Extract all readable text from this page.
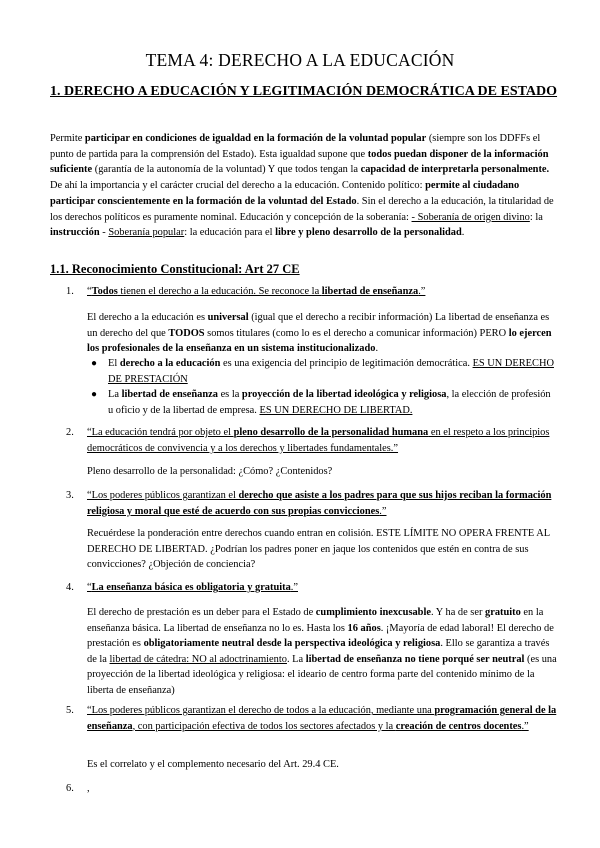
TEMA 4: DERECHO A LA EDUCACIÓN
1. DERECHO A EDUCACIÓN Y LEGITIMACIÓN DEMOCRÁTICA DE ESTADO
Permite participar en condiciones de igualdad en la formación de la voluntad popular (siempre son los DDFFs el punto de partida para la comprensión del Estado). Esta igualdad supone que todos puedan disponer de la información suficiente (garantía de la autonomía de la voluntad) Y que todos tengan la capacidad de interpretarla personalmente. De ahí la importancia y el carácter crucial del derecho a la educación. Contenido político: permite al ciudadano participar conscientemente en la formación de la voluntad del Estado. Sin el derecho a la educación, la titularidad de los derechos políticos es puramente nominal. Educación y concepción de la soberanía: - Soberanía de origen divino: la instrucción - Soberanía popular: la educación para el libre y pleno desarrollo de la personalidad.
1.1. Reconocimiento Constitucional: Art 27 CE
1. “Todos tienen el derecho a la educación. Se reconoce la libertad de enseñanza.”
El derecho a la educación es universal (igual que el derecho a recibir información) La libertad de enseñanza es un derecho del que TODOS somos titulares (como lo es el derecho a comunicar información) PERO lo ejercen los profesionales de la enseñanza en un sistema institucionalizado.
● El derecho a la educación es una exigencia del principio de legitimación democrática. ES UN DERECHO DE PRESTACIÓN
● La libertad de enseñanza es la proyección de la libertad ideológica y religiosa, la elección de profesión u oficio y de la libertad de empresa. ES UN DERECHO DE LIBERTAD.
2. “La educación tendrá por objeto el pleno desarrollo de la personalidad humana en el respeto a los principios democráticos de convivencia y a los derechos y libertades fundamentales.”
Pleno desarrollo de la personalidad: ¿Cómo? ¿Contenidos?
3. “Los poderes públicos garantizan el derecho que asiste a los padres para que sus hijos reciban la formación religiosa y moral que esté de acuerdo con sus propias convicciones.”
Recuérdese la ponderación entre derechos cuando entran en colisión. ESTE LÍMITE NO OPERA FRENTE AL DERECHO DE LIBERTAD. ¿Podrían los padres poner en jaque los contenidos que estén en contra de sus convicciones? ¿Objeción de conciencia?
4. “La enseñanza básica es obligatoria y gratuita.”
El derecho de prestación es un deber para el Estado de cumplimiento inexcusable. Y ha de ser gratuito en la enseñanza básica. La libertad de enseñanza no lo es. Hasta los 16 años. ¡Mayoría de edad laboral! El derecho de prestación es obligatoriamente neutral desde la perspectiva ideológica y religiosa. Ello se garantiza a través de la libertad de cátedra: NO al adoctrinamiento. La libertad de enseñanza no tiene porqué ser neutral (es una proyección de la libertad ideológica y religiosa: el ideario de centro forma parte del contenido mínimo de la liberta de enseñanza)
5. “Los poderes públicos garantizan el derecho de todos a la educación, mediante una programación general de la enseñanza, con participación efectiva de todos los sectores afectados y la creación de centros docentes.”
Es el correlato y el complemento necesario del Art. 29.4 CE.
6. ,
